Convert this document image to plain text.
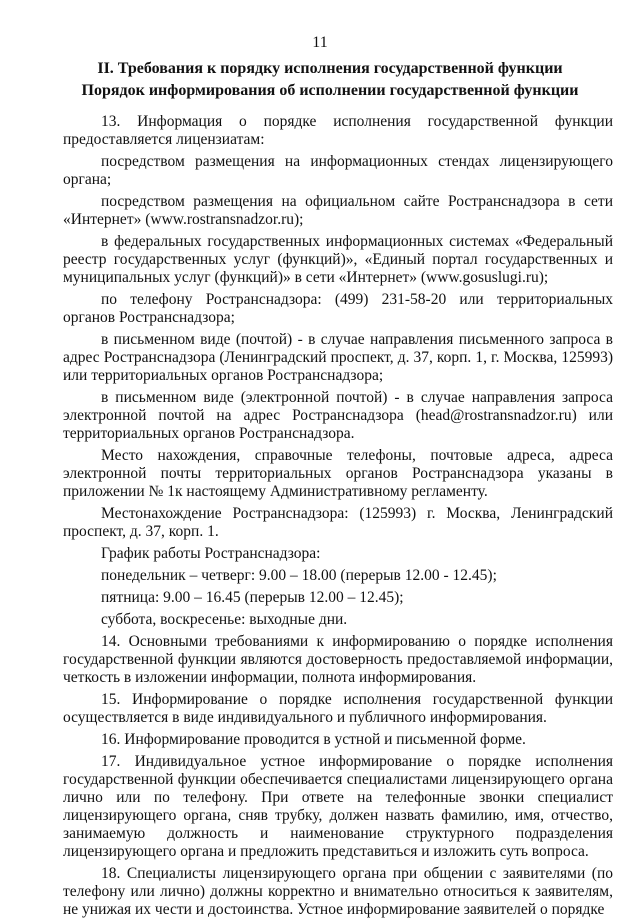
11
II. Требования к порядку исполнения государственной функции
Порядок информирования об исполнении государственной функции

13. Информация о порядке исполнения государственной функции предоставляется лицензиатам:

посредством размещения на информационных стендах лицензирующего органа;

посредством размещения на официальном сайте Ространснадзора в сети «Интернет» (www.rostransnadzor.ru);

в федеральных государственных информационных системах «Федеральный реестр государственных услуг (функций)», «Единый портал государственных и муниципальных услуг (функций)» в сети «Интернет» (www.gosuslugi.ru);

по телефону Ространснадзора: (499) 231-58-20 или территориальных органов Ространснадзора;

в письменном виде (почтой) - в случае направления письменного запроса в адрес Ространснадзора (Ленинградский проспект, д. 37, корп. 1, г. Москва, 125993) или территориальных органов Ространснадзора;

в письменном виде (электронной почтой) - в случае направления запроса электронной почтой на адрес Ространснадзора (head@rostransnadzor.ru) или территориальных органов Ространснадзора.

Место нахождения, справочные телефоны, почтовые адреса, адреса электронной почты территориальных органов Ространснадзора указаны в приложении № 1к настоящему Административному регламенту.

Местонахождение Ространснадзора: (125993) г. Москва, Ленинградский проспект, д. 37, корп. 1.

График работы Ространснадзора:

понедельник – четверг: 9.00 – 18.00 (перерыв 12.00 - 12.45);

пятница: 9.00 – 16.45 (перерыв 12.00 – 12.45);

суббота, воскресенье: выходные дни.

14. Основными требованиями к информированию о порядке исполнения государственной функции являются достоверность предоставляемой информации, четкость в изложении информации, полнота информирования.

15. Информирование о порядке исполнения государственной функции осуществляется в виде индивидуального и публичного информирования.

16. Информирование проводится в устной и письменной форме.

17. Индивидуальное устное информирование о порядке исполнения государственной функции обеспечивается специалистами лицензирующего органа лично или по телефону. При ответе на телефонные звонки специалист лицензирующего органа, сняв трубку, должен назвать фамилию, имя, отчество, занимаемую должность и наименование структурного подразделения лицензирующего органа и предложить представиться и изложить суть вопроса.

18. Специалисты лицензирующего органа при общении с заявителями (по телефону или лично) должны корректно и внимательно относиться к заявителям, не унижая их чести и достоинства. Устное информирование заявителей о порядке
